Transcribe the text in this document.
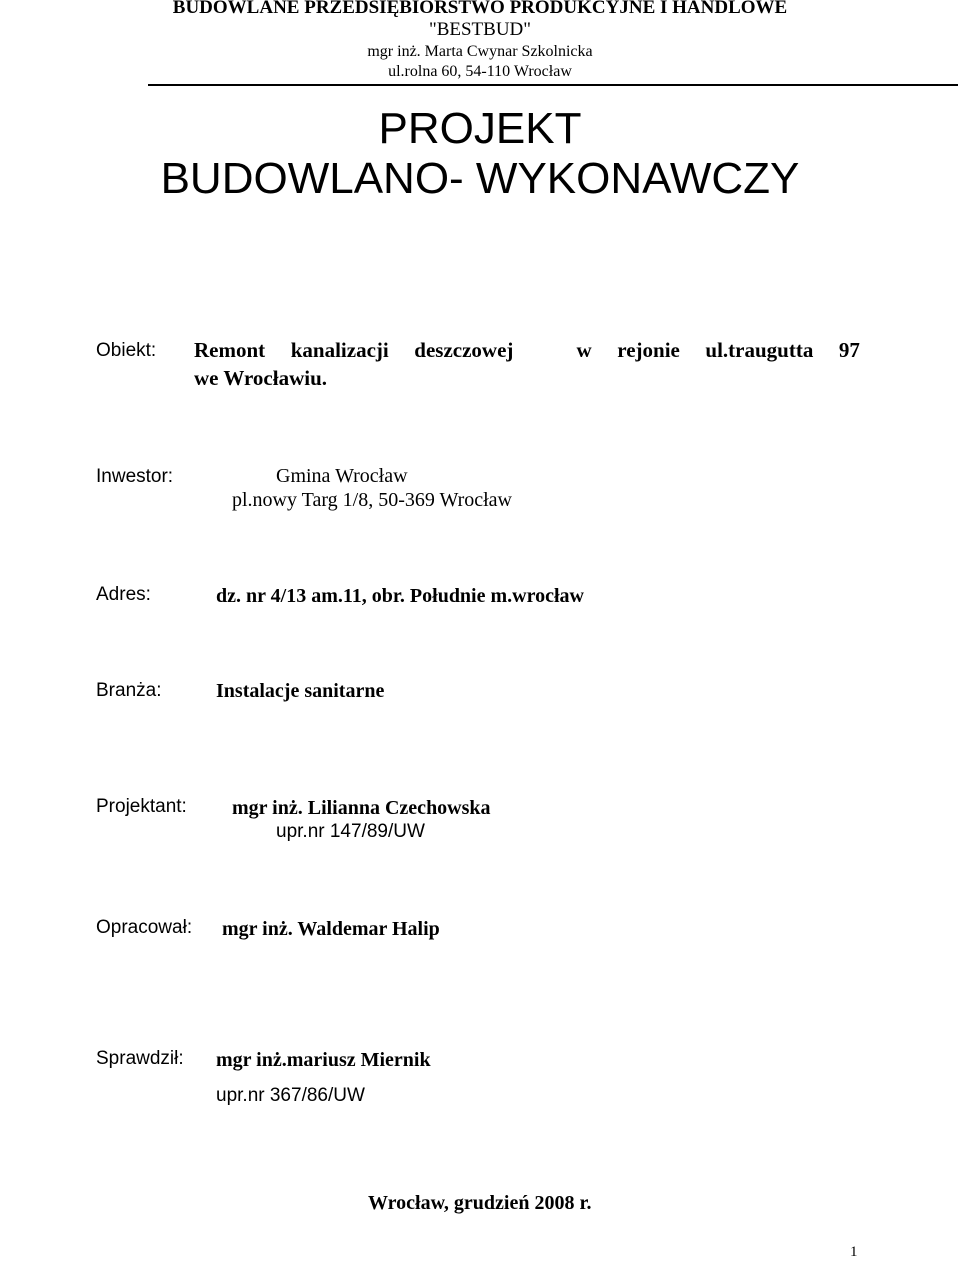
BUDOWLANE PRZEDSIĘBIORSTWO PRODUKCYJNE I HANDLOWE
"BESTBUD"
mgr inż. Marta Cwynar Szkolnicka
ul.rolna 60, 54-110 Wrocław
PROJEKT
BUDOWLANO- WYKONAWCZY
Obiekt: Remont kanalizacji deszczowej	w rejonie ul.traugutta 97
we Wrocławiu.
Inwestor:	Gmina Wrocław
pl.nowy Targ 1/8, 50-369 Wrocław
Adres:	dz. nr 4/13 am.11, obr. Południe m.wrocław
Branża:	Instalacje sanitarne
Projektant: mgr inż. Lilianna Czechowska
upr.nr 147/89/UW
Opracował: mgr inż. Waldemar Halip
Sprawdził: mgr inż.mariusz Miernik
upr.nr 367/86/UW
Wrocław, grudzień 2008 r.
1
